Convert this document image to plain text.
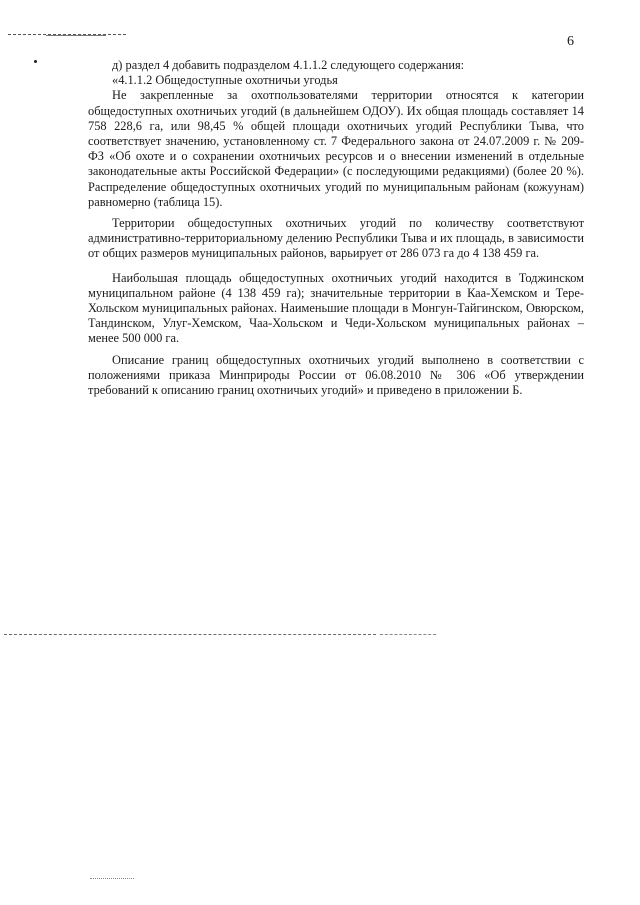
6

д) раздел 4 добавить подразделом 4.1.1.2 следующего содержания:

«4.1.1.2 Общедоступные охотничьи угодья

Не закрепленные за охотпользователями территории относятся к категории общедоступных охотничьих угодий (в дальнейшем ОДОУ). Их общая площадь составляет 14 758 228,6 га, или 98,45 % общей площади охотничьих угодий Республики Тыва, что соответствует значению, установленному ст. 7 Федерального закона от 24.07.2009 г. № 209-ФЗ «Об охоте и о сохранении охотничьих ресурсов и о внесении изменений в отдельные законодательные акты Российской Федерации» (с последующими редакциями) (более 20 %). Распределение общедоступных охотничьих угодий по муниципальным районам (кожуунам) равномерно (таблица 15).

Территории общедоступных охотничьих угодий по количеству соответствуют административно-территориальному делению Республики Тыва и их площадь, в зависимости от общих размеров муниципальных районов, варьирует от 286 073 га до 4 138 459 га.

Наибольшая площадь общедоступных охотничьих угодий находится в Тоджинском муниципальном районе (4 138 459 га); значительные территории в Каа-Хемском и Тере-Хольском муниципальных районах. Наименьшие площади в Монгун-Тайгинском, Овюрском, Тандинском, Улуг-Хемском, Чаа-Хольском и Чеди-Хольском муниципальных районах – менее 500 000 га.

Описание границ общедоступных охотничьих угодий выполнено в соответствии с положениями приказа Минприроды России от 06.08.2010 № 306 «Об утверждении требований к описанию границ охотничьих угодий» и приведено в приложении Б.
